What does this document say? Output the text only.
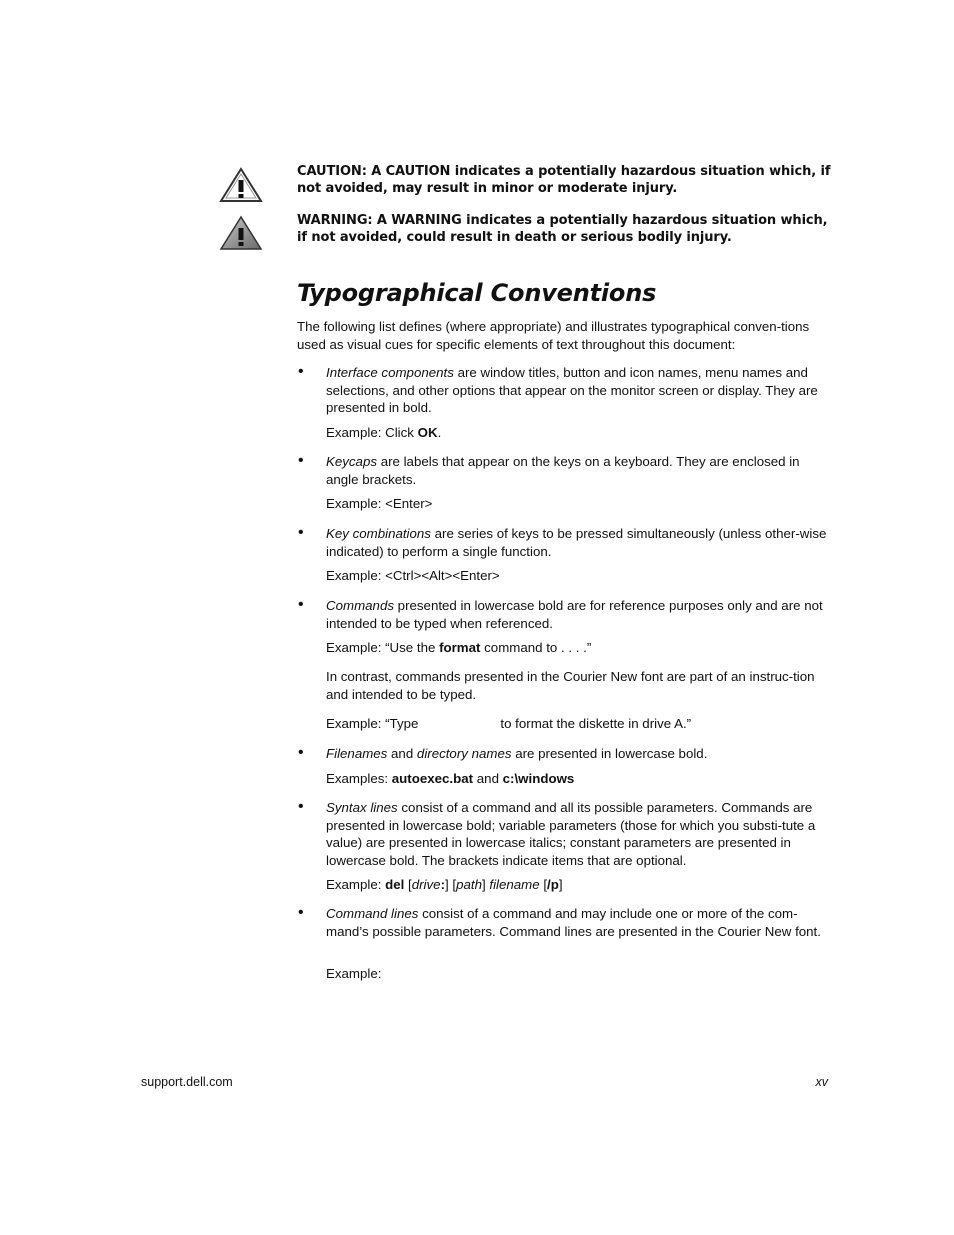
CAUTION: A CAUTION indicates a potentially hazardous situation which, if not avoided, may result in minor or moderate injury.
WARNING: A WARNING indicates a potentially hazardous situation which, if not avoided, could result in death or serious bodily injury.
Typographical Conventions

The following list defines (where appropriate) and illustrates typographical conven-tions used as visual cues for specific elements of text throughout this document:

• Interface components are window titles, button and icon names, menu names and selections, and other options that appear on the monitor screen or display. They are presented in bold.

Example: Click OK.

• Keycaps are labels that appear on the keys on a keyboard. They are enclosed in angle brackets.

Example: <Enter>

• Key combinations are series of keys to be pressed simultaneously (unless other-wise indicated) to perform a single function.

Example: <Ctrl><Alt><Enter>

• Commands presented in lowercase bold are for reference purposes only and are not intended to be typed when referenced.

Example: “Use the format command to . . . .”

In contrast, commands presented in the Courier New font are part of an instruc-tion and intended to be typed.

Example: “Type	to format the diskette in drive A.”

• Filenames and directory names are presented in lowercase bold.

Examples: autoexec.bat and c:\windows

• Syntax lines consist of a command and all its possible parameters. Commands are presented in lowercase bold; variable parameters (those for which you substi-tute a value) are presented in lowercase italics; constant parameters are presented in lowercase bold. The brackets indicate items that are optional.

Example: del [drive:] [path] filename [/p]

• Command lines consist of a command and may include one or more of the com-mand’s possible parameters. Command lines are presented in the Courier New font.

Example:

support.dell.com	xv
